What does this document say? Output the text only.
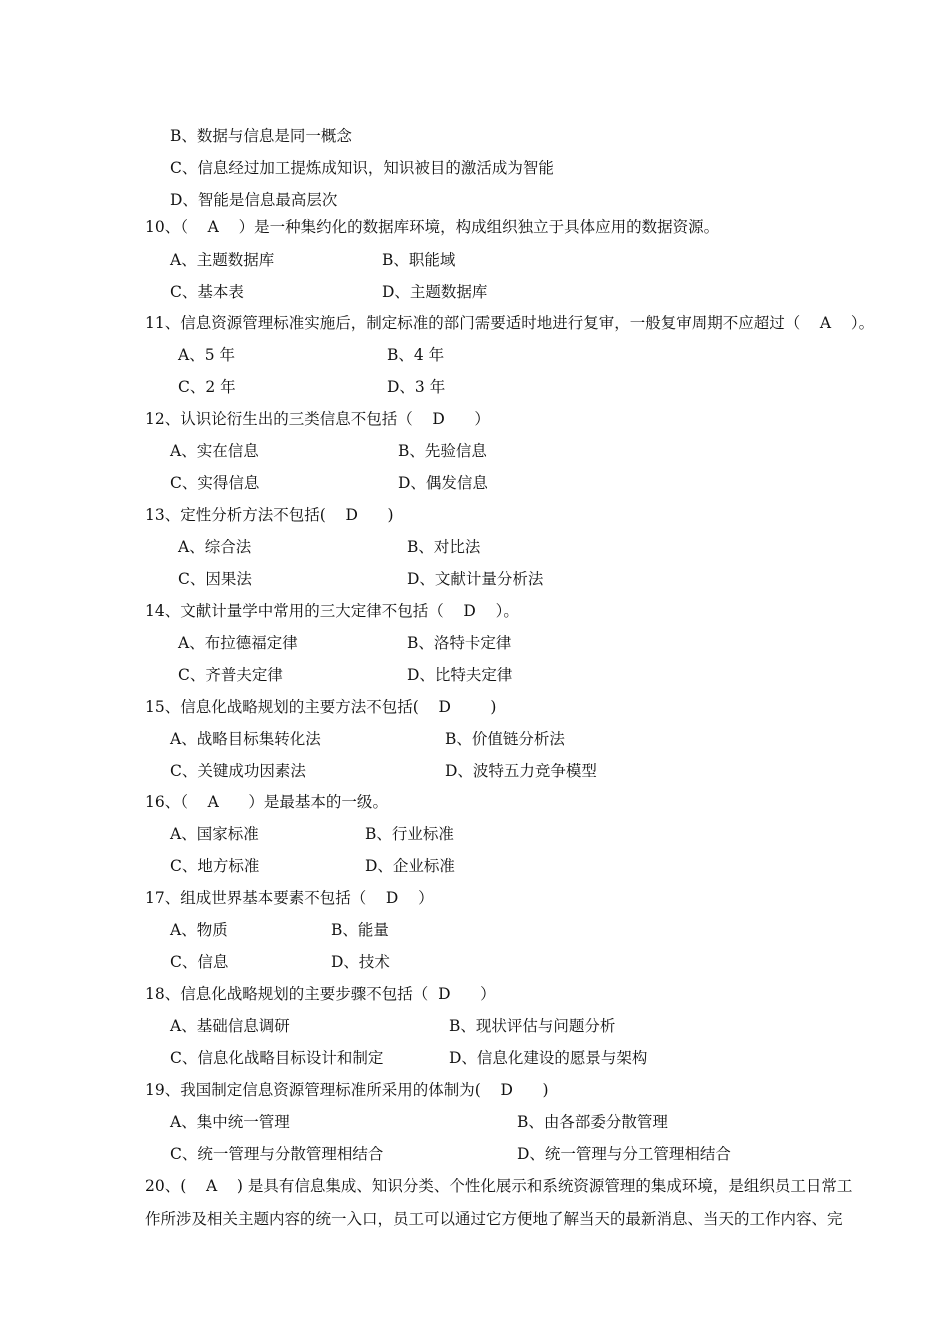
B、数据与信息是同一概念
C、信息经过加工提炼成知识，知识被目的激活成为智能
D、智能是信息最高层次
10、（    A    ）是一种集约化的数据库环境，构成组织独立于具体应用的数据资源。
A、主题数据库	B、职能域
C、基本表	D、主题数据库
11、信息资源管理标准实施后，制定标准的部门需要适时地进行复审，一般复审周期不应超过（    A    ）。
A、5 年	B、4 年
C、2 年	D、3 年
12、认识论衍生出的三类信息不包括（    D      ）
A、实在信息	B、先验信息
C、实得信息	D、偶发信息
13、定性分析方法不包括(    D      )
A、综合法	B、对比法
C、因果法	D、文献计量分析法
14、文献计量学中常用的三大定律不包括（    D    ）。
A、布拉德福定律	B、洛特卡定律
C、齐普夫定律	D、比特夫定律
15、信息化战略规划的主要方法不包括(    D        )
A、战略目标集转化法	B、价值链分析法
C、关键成功因素法	D、波特五力竞争模型
16、（    A      ）是最基本的一级。
A、国家标准	B、行业标准
C、地方标准	D、企业标准
17、组成世界基本要素不包括（    D    ）
A、物质	B、能量
C、信息	D、技术
18、信息化战略规划的主要步骤不包括（  D      ）
A、基础信息调研	B、现状评估与问题分析
C、信息化战略目标设计和制定	D、信息化建设的愿景与架构
19、我国制定信息资源管理标准所采用的体制为(    D      )
A、集中统一管理	B、由各部委分散管理
C、统一管理与分散管理相结合	D、统一管理与分工管理相结合
20、(    A    ) 是具有信息集成、知识分类、个性化展示和系统资源管理的集成环境，是组织员工日常工
作所涉及相关主题内容的统一入口，员工可以通过它方便地了解当天的最新消息、当天的工作内容、完
